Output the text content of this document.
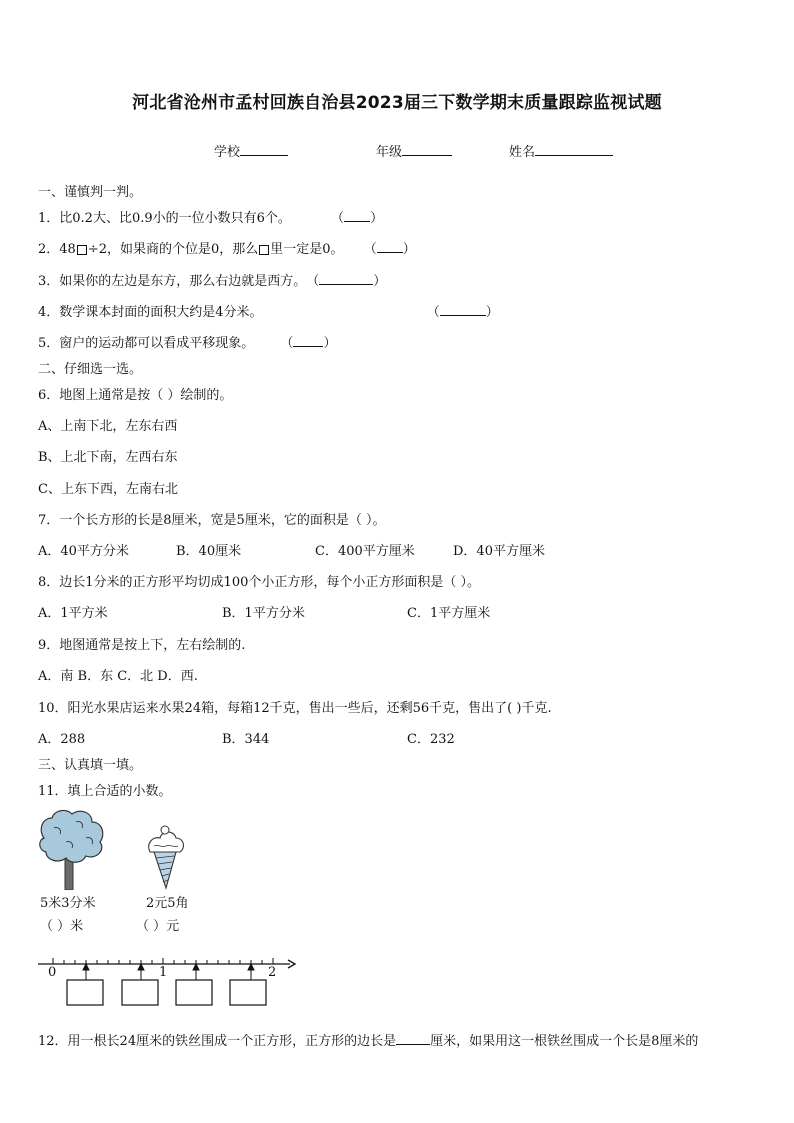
河北省沧州市孟村回族自治县2023届三下数学期末质量跟踪监视试题
学校	年级	姓名
一、谨慎判一判。
1．比0.2大、比0.9小的一位小数只有6个。	（ ）
2．48 ÷2，如果商的个位是0，那么 里一定是0。 （ ）
3．如果你的左边是东方，那么右边就是西方。（	）
4．数学课本封面的面积大约是4分米。	（	）
5．窗户的运动都可以看成平移现象。 （ ）
二、仔细选一选。
6．地图上通常是按（ ）绘制的。
A、上南下北，左东右西
B、上北下南，左西右东
C、上东下西，左南右北
7．一个长方形的长是8厘米，宽是5厘米，它的面积是（ ）。
A．40平方分米	B．40厘米	C．400平方厘米	D．40平方厘米
8．边长1分米的正方形平均切成100个小正方形，每个小正方形面积是（ ）。
A．1平方米	B．1平方分米	C．1平方厘米
9．地图通常是按上下，左右绘制的.
A．南 B．东 C．北 D．西.
10．阳光水果店运来水果24箱，每箱12千克，售出一些后，还剩56千克，售出了( )千克.
A．288	B．344	C．232
三、认真填一填。
11．填上合适的小数。
5米3分米	2元5角
（ ）米	（ ）元
0	1	2
12．用一根长24厘米的铁丝围成一个正方形，正方形的边长是	厘米，如果用这一根铁丝围成一个长是8厘米的
